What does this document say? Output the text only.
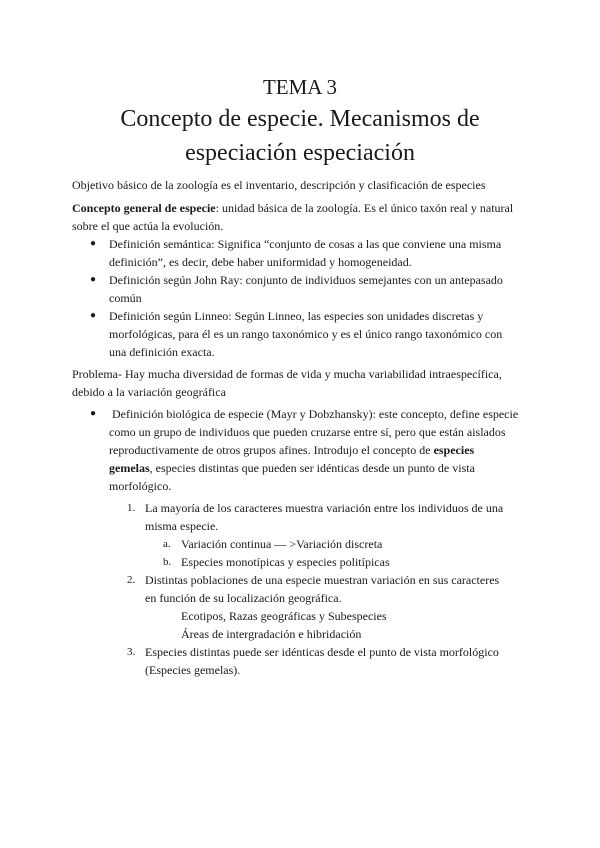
TEMA 3
Concepto de especie. Mecanismos de
especiación especiación
Objetivo básico de la zoología es el inventario, descripción y clasificación de especies
Concepto general de especie: unidad básica de la zoología. Es el único taxón real y natural
sobre el que actúa la evolución.
● Definición semántica: Significa “conjunto de cosas a las que conviene una misma
definición”, es decir, debe haber uniformidad y homogeneidad.
● Definición según John Ray: conjunto de individuos semejantes con un antepasado
común
● Definición según Linneo: Según Linneo, las especies son unidades discretas y
morfológicas, para él es un rango taxonómico y es el único rango taxonómico con
una definición exacta.
Problema- Hay mucha diversidad de formas de vida y mucha variabilidad intraespecífica,
debido a la variación geográfica
● Definición biológica de especie (Mayr y Dobzhansky): este concepto, define especie
como un grupo de individuos que pueden cruzarse entre sí, pero que están aislados
reproductivamente de otros grupos afines. Introdujo el concepto de especies
gemelas, especies distintas que pueden ser idénticas desde un punto de vista
morfológico.
1. La mayoría de los caracteres muestra variación entre los individuos de una
misma especie.
a. Variación continua — >Variación discreta
b. Especies monotípicas y especies politípicas
2. Distintas poblaciones de una especie muestran variación en sus caracteres
en función de su localización geográfica.
Ecotipos, Razas geográficas y Subespecies
Áreas de intergradación e hibridación
3. Especies distintas puede ser idénticas desde el punto de vista morfológico
(Especies gemelas).
